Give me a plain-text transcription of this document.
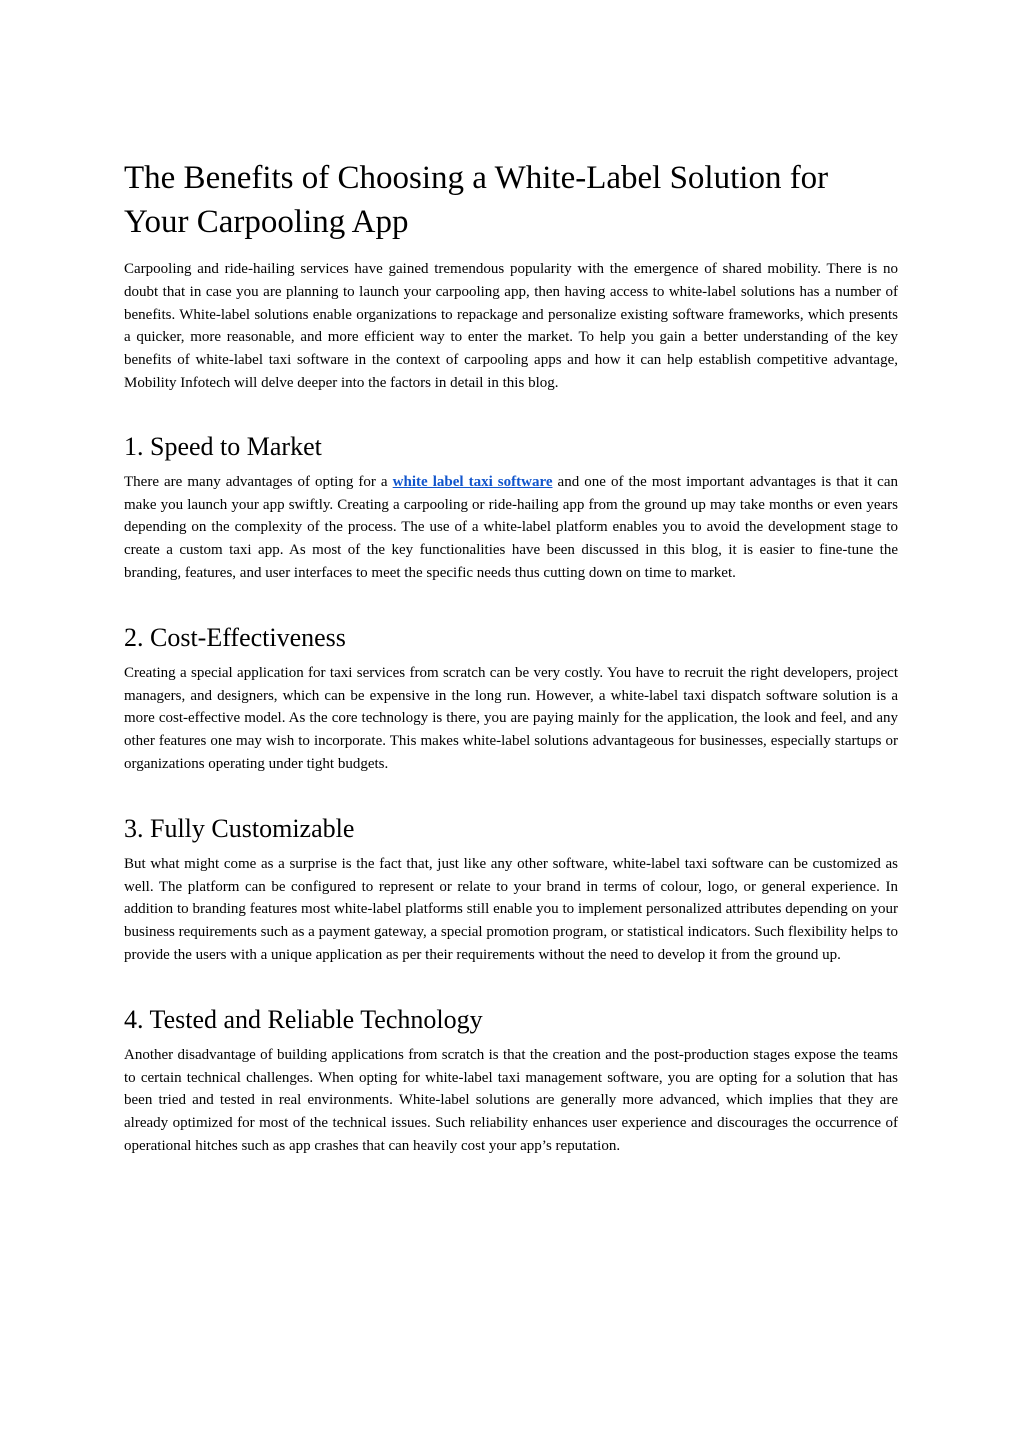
The Benefits of Choosing a White-Label Solution for Your Carpooling App

Carpooling and ride-hailing services have gained tremendous popularity with the emergence of shared mobility. There is no doubt that in case you are planning to launch your carpooling app, then having access to white-label solutions has a number of benefits. White-label solutions enable organizations to repackage and personalize existing software frameworks, which presents a quicker, more reasonable, and more efficient way to enter the market. To help you gain a better understanding of the key benefits of white-label taxi software in the context of carpooling apps and how it can help establish competitive advantage, Mobility Infotech will delve deeper into the factors in detail in this blog.

1. Speed to Market

There are many advantages of opting for a white label taxi software and one of the most important advantages is that it can make you launch your app swiftly. Creating a carpooling or ride-hailing app from the ground up may take months or even years depending on the complexity of the process. The use of a white-label platform enables you to avoid the development stage to create a custom taxi app. As most of the key functionalities have been discussed in this blog, it is easier to fine-tune the branding, features, and user interfaces to meet the specific needs thus cutting down on time to market.

2. Cost-Effectiveness

Creating a special application for taxi services from scratch can be very costly. You have to recruit the right developers, project managers, and designers, which can be expensive in the long run. However, a white-label taxi dispatch software solution is a more cost-effective model. As the core technology is there, you are paying mainly for the application, the look and feel, and any other features one may wish to incorporate. This makes white-label solutions advantageous for businesses, especially startups or organizations operating under tight budgets.

3. Fully Customizable

But what might come as a surprise is the fact that, just like any other software, white-label taxi software can be customized as well. The platform can be configured to represent or relate to your brand in terms of colour, logo, or general experience. In addition to branding features most white-label platforms still enable you to implement personalized attributes depending on your business requirements such as a payment gateway, a special promotion program, or statistical indicators. Such flexibility helps to provide the users with a unique application as per their requirements without the need to develop it from the ground up.

4. Tested and Reliable Technology

Another disadvantage of building applications from scratch is that the creation and the post-production stages expose the teams to certain technical challenges. When opting for white-label taxi management software, you are opting for a solution that has been tried and tested in real environments. White-label solutions are generally more advanced, which implies that they are already optimized for most of the technical issues. Such reliability enhances user experience and discourages the occurrence of operational hitches such as app crashes that can heavily cost your app’s reputation.
